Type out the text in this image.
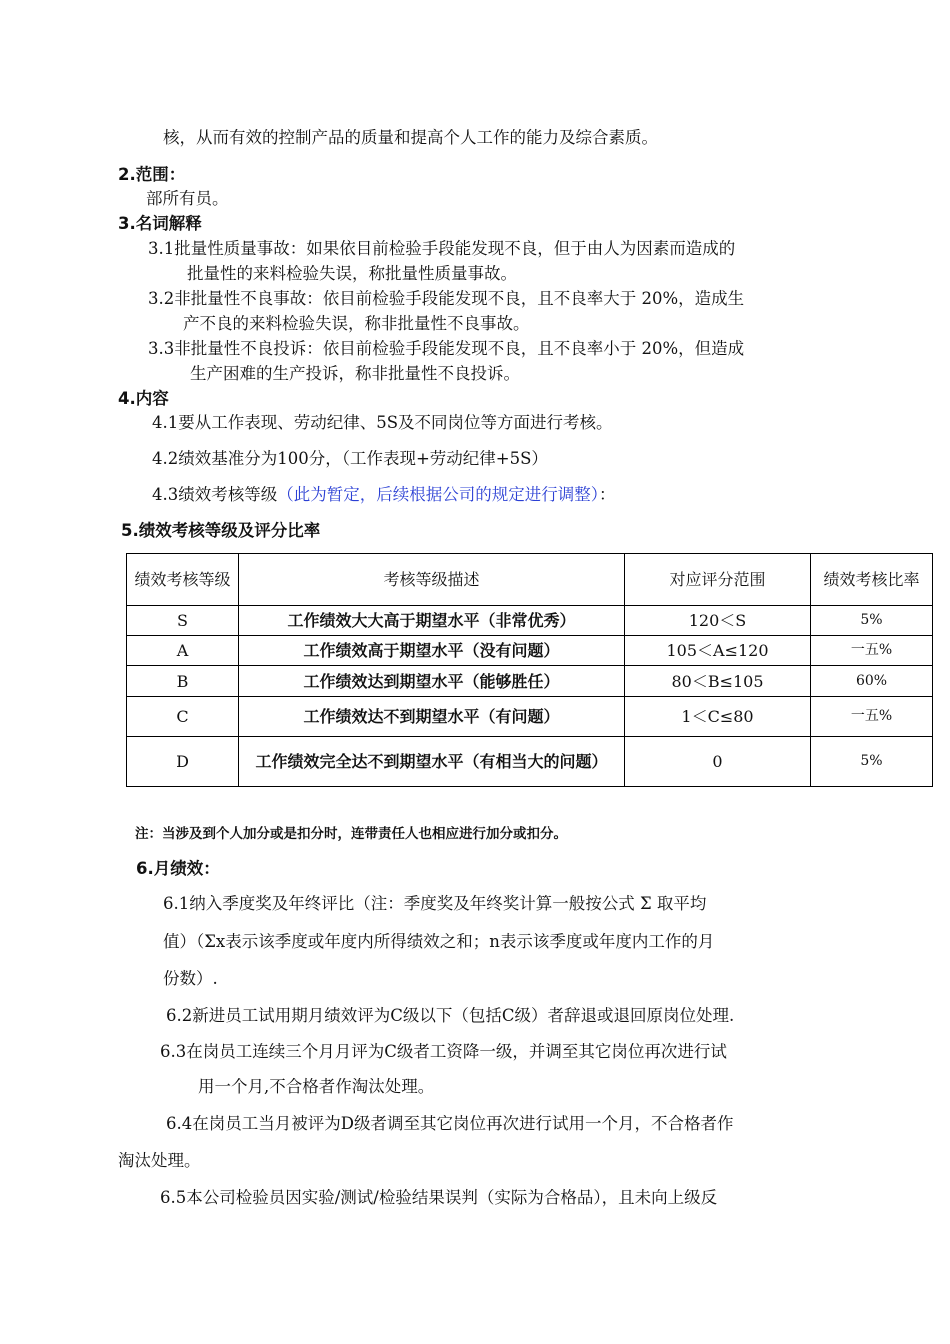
核，从而有效的控制产品的质量和提高个人工作的能力及综合素质。
2.范围：
部所有员。
3.名词解释
3.1批量性质量事故：如果依目前检验手段能发现不良，但于由人为因素而造成的
批量性的来料检验失误，称批量性质量事故。
3.2非批量性不良事故：依目前检验手段能发现不良，且不良率大于 20%，造成生
产不良的来料检验失误，称非批量性不良事故。
3.3非批量性不良投诉：依目前检验手段能发现不良，且不良率小于 20%，但造成
生产困难的生产投诉，称非批量性不良投诉。
4.内容
4.1要从工作表现、劳动纪律、5S及不同岗位等方面进行考核。
4.2绩效基准分为100分，（工作表现+劳动纪律+5S）
4.3绩效考核等级（此为暂定，后续根据公司的规定进行调整）：
5.绩效考核等级及评分比率
绩效考核等级	考核等级描述	对应评分范围	绩效考核比率
S	工作绩效大大高于期望水平（非常优秀）	120＜S	5%
A	工作绩效高于期望水平（没有问题）	105＜A≤120	一五%
B	工作绩效达到期望水平（能够胜任）	80＜B≤105	60%
C	工作绩效达不到期望水平（有问题）	1＜C≤80	一五%
D	工作绩效完全达不到期望水平（有相当大的问题）	0	5%
注：当涉及到个人加分或是扣分时，连带责任人也相应进行加分或扣分。
6.月绩效：
6.1纳入季度奖及年终评比（注：季度奖及年终奖计算一般按公式 Σ 取平均
值）（Σx表示该季度或年度内所得绩效之和；n表示该季度或年度内工作的月
份数）.
6.2新进员工试用期月绩效评为C级以下（包括C级）者辞退或退回原岗位处理.
6.3在岗员工连续三个月月评为C级者工资降一级，并调至其它岗位再次进行试
用一个月,不合格者作淘汰处理。
6.4在岗员工当月被评为D级者调至其它岗位再次进行试用一个月，不合格者作
淘汰处理。
6.5本公司检验员因实验/测试/检验结果误判（实际为合格品），且未向上级反
